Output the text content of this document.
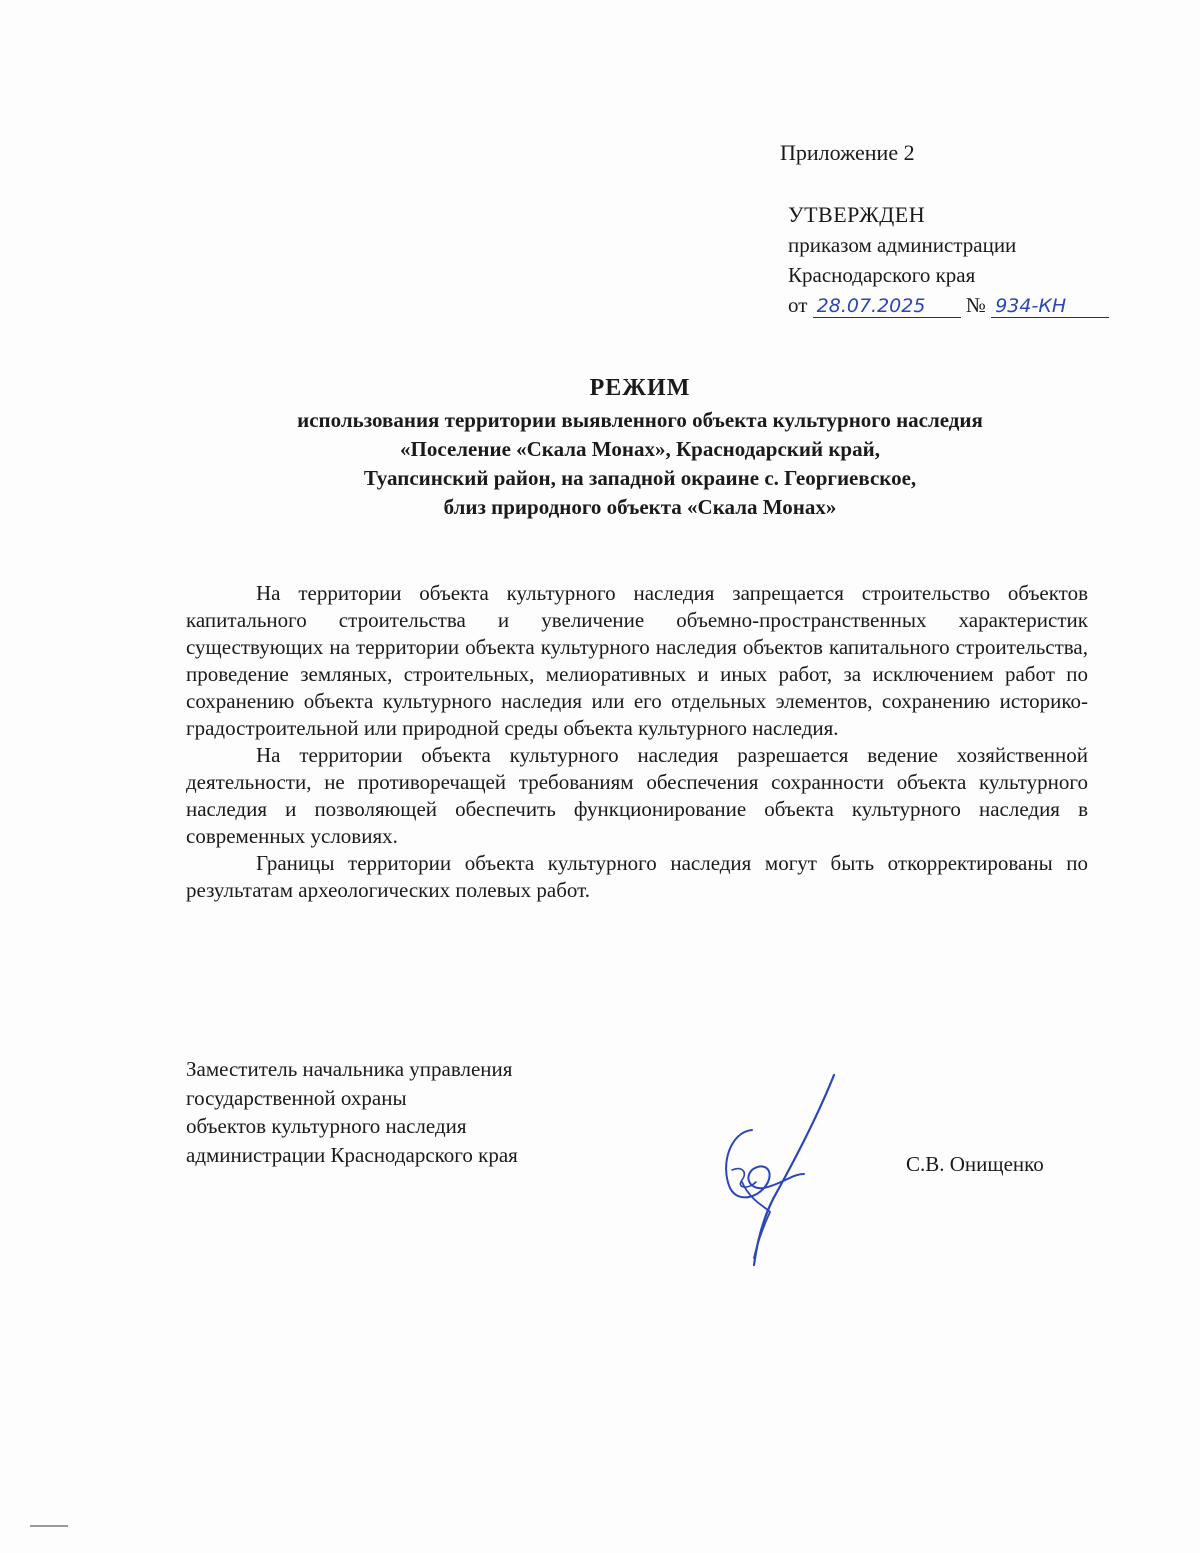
Приложение 2
УТВЕРЖДЕН
приказом администрации
Краснодарского края
от 28.07.2025 № 934-КН
РЕЖИМ
использования территории выявленного объекта культурного наследия
«Поселение «Скала Монах», Краснодарский край,
Туапсинский район, на западной окраине с. Георгиевское,
близ природного объекта «Скала Монах»

На территории объекта культурного наследия запрещается строительство объектов капитального строительства и увеличение объемно-пространственных характеристик существующих на территории объекта культурного наследия объектов капитального строительства, проведение земляных, строительных, мелиоративных и иных работ, за исключением работ по сохранению объекта культурного наследия или его отдельных элементов, сохранению историко-градостроительной или природной среды объекта культурного наследия.

На территории объекта культурного наследия разрешается ведение хозяйственной деятельности, не противоречащей требованиям обеспечения сохранности объекта культурного наследия и позволяющей обеспечить функционирование объекта культурного наследия в современных условиях.

Границы территории объекта культурного наследия могут быть откорректированы по результатам археологических полевых работ.

Заместитель начальника управления
государственной охраны
объектов культурного наследия
администрации Краснодарского края	С.В. Онищенко
